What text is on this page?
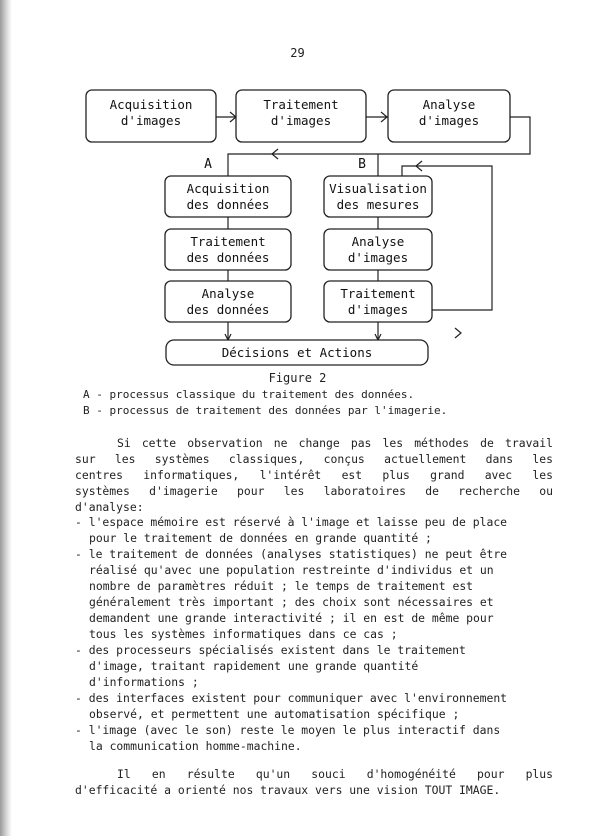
29
Acquisition
d'images
Traitement
d'images
Analyse
d'images
A	B
Acquisition
des données
Traitement
des données
Analyse
des données
Visualisation
des mesures
Analyse
d'images
Traitement
d'images
Décisions et Actions
Figure 2
A - processus classique du traitement des données.
B - processus de traitement des données par l'imagerie.
Si cette observation ne change pas les méthodes de travail
sur les systèmes classiques, conçus actuellement dans les
centres informatiques, l'intérêt est plus grand avec les
systèmes d'imagerie pour les laboratoires de recherche ou
d'analyse:
- l'espace mémoire est réservé à l'image et laisse peu de place
pour le traitement de données en grande quantité ;
- le traitement de données (analyses statistiques) ne peut être
réalisé qu'avec une population restreinte d'individus et un
nombre de paramètres réduit ; le temps de traitement est
généralement très important ; des choix sont nécessaires et
demandent une grande interactivité ; il en est de même pour
tous les systèmes informatiques dans ce cas ;
- des processeurs spécialisés existent dans le traitement
d'image, traitant rapidement une grande quantité
d'informations ;
- des interfaces existent pour communiquer avec l'environnement
observé, et permettent une automatisation spécifique ;
- l'image (avec le son) reste le moyen le plus interactif dans
la communication homme-machine.
Il en résulte qu'un souci d'homogénéité pour plus
d'efficacité a orienté nos travaux vers une vision TOUT IMAGE.
